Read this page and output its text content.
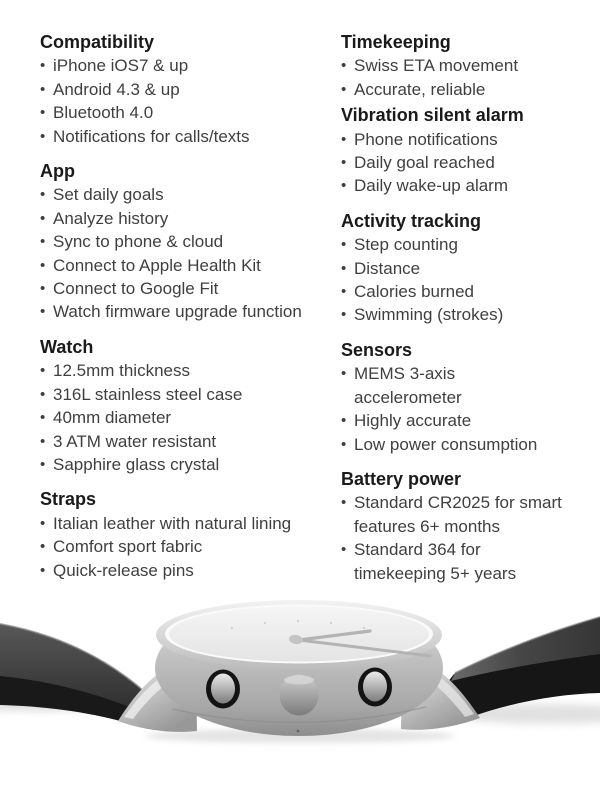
Compatibility
• iPhone iOS7 & up
• Android 4.3 & up
• Bluetooth 4.0
• Notifications for calls/texts
App
• Set daily goals
• Analyze history
• Sync to phone & cloud
• Connect to Apple Health Kit
• Connect to Google Fit
• Watch firmware upgrade function
Watch
• 12.5mm thickness
• 316L stainless steel case
• 40mm diameter
• 3 ATM water resistant
• Sapphire glass crystal
Straps
• Italian leather with natural lining
• Comfort sport fabric
• Quick-release pins
Timekeeping
• Swiss ETA movement
• Accurate, reliable
Vibration silent alarm
• Phone notifications
• Daily goal reached
• Daily wake-up alarm
Activity tracking
• Step counting
• Distance
• Calories burned
• Swimming (strokes)
Sensors
• MEMS 3-axis accelerometer
• Highly accurate
• Low power consumption
Battery power
• Standard CR2025 for smart features 6+ months
• Standard 364 for timekeeping 5+ years
